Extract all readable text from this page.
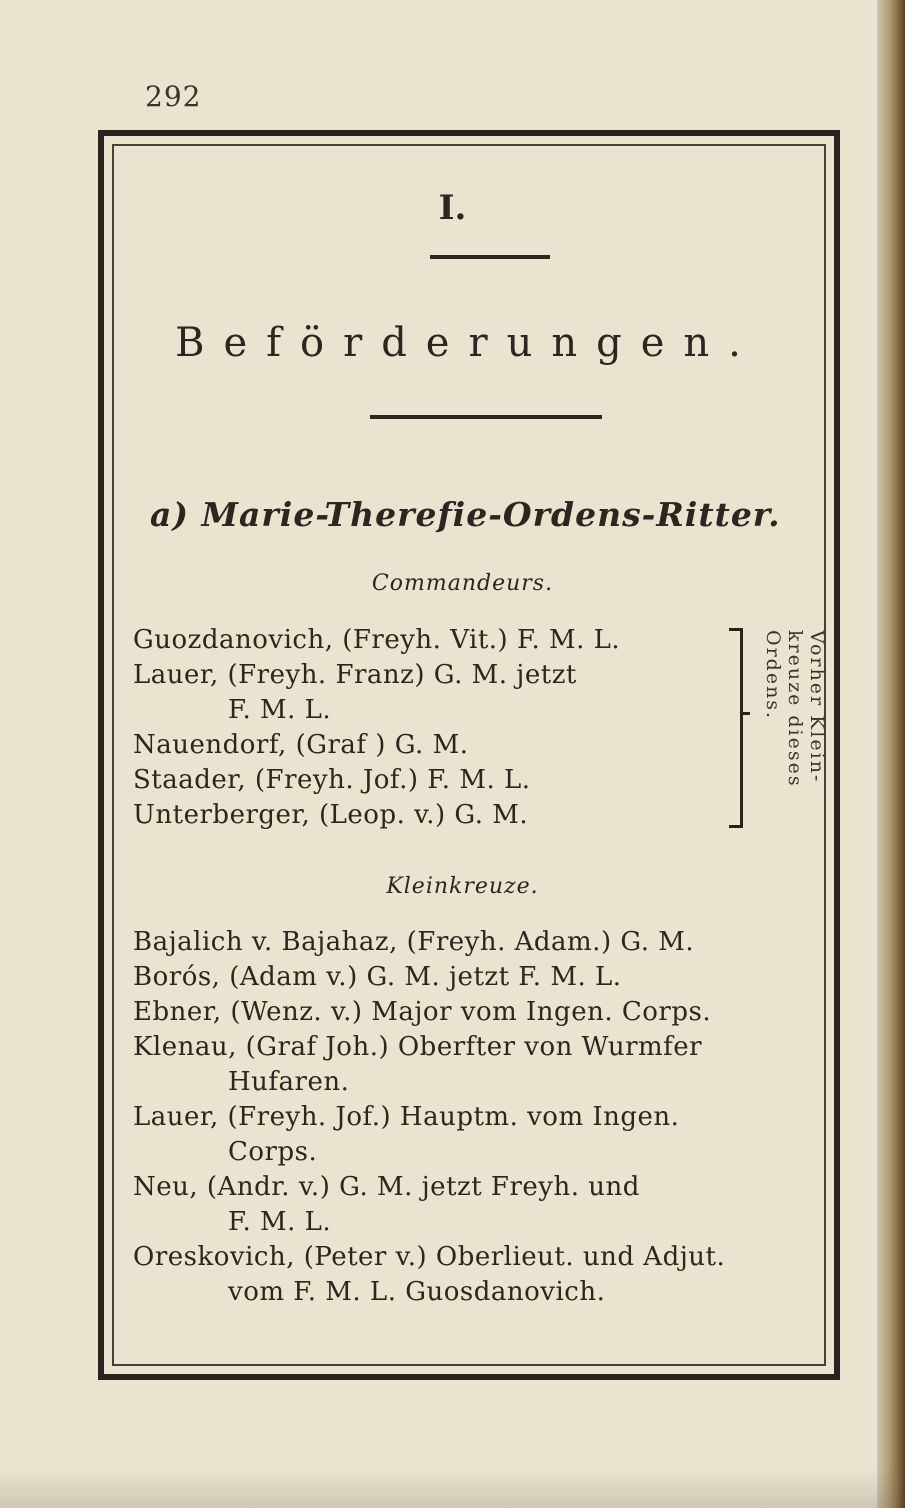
292
I.
Beförderungen.
a) Marie-Therefie-Ordens-Ritter.
Commandeurs.
Guozdanovich, (Freyh. Vit.) F. M. L.
Lauer, (Freyh. Franz) G. M. jetzt
F. M. L.
Nauendorf, (Graf ) G. M.
Staader, (Freyh. Jof.) F. M. L.
Unterberger, (Leop. v.) G. M.
Vorher Klein-
kreuze dieses
Ordens.
Kleinkreuze.
Bajalich v. Bajahaz, (Freyh. Adam.) G. M.
Borós, (Adam v.) G. M. jetzt F. M. L.
Ebner, (Wenz. v.) Major vom Ingen. Corps.
Klenau, (Graf Joh.) Oberfter von Wurmfer
Hufaren.
Lauer, (Freyh. Jof.) Hauptm. vom Ingen.
Corps.
Neu, (Andr. v.) G. M. jetzt Freyh. und
F. M. L.
Oreskovich, (Peter v.) Oberlieut. und Adjut.
vom F. M. L. Guosdanovich.
